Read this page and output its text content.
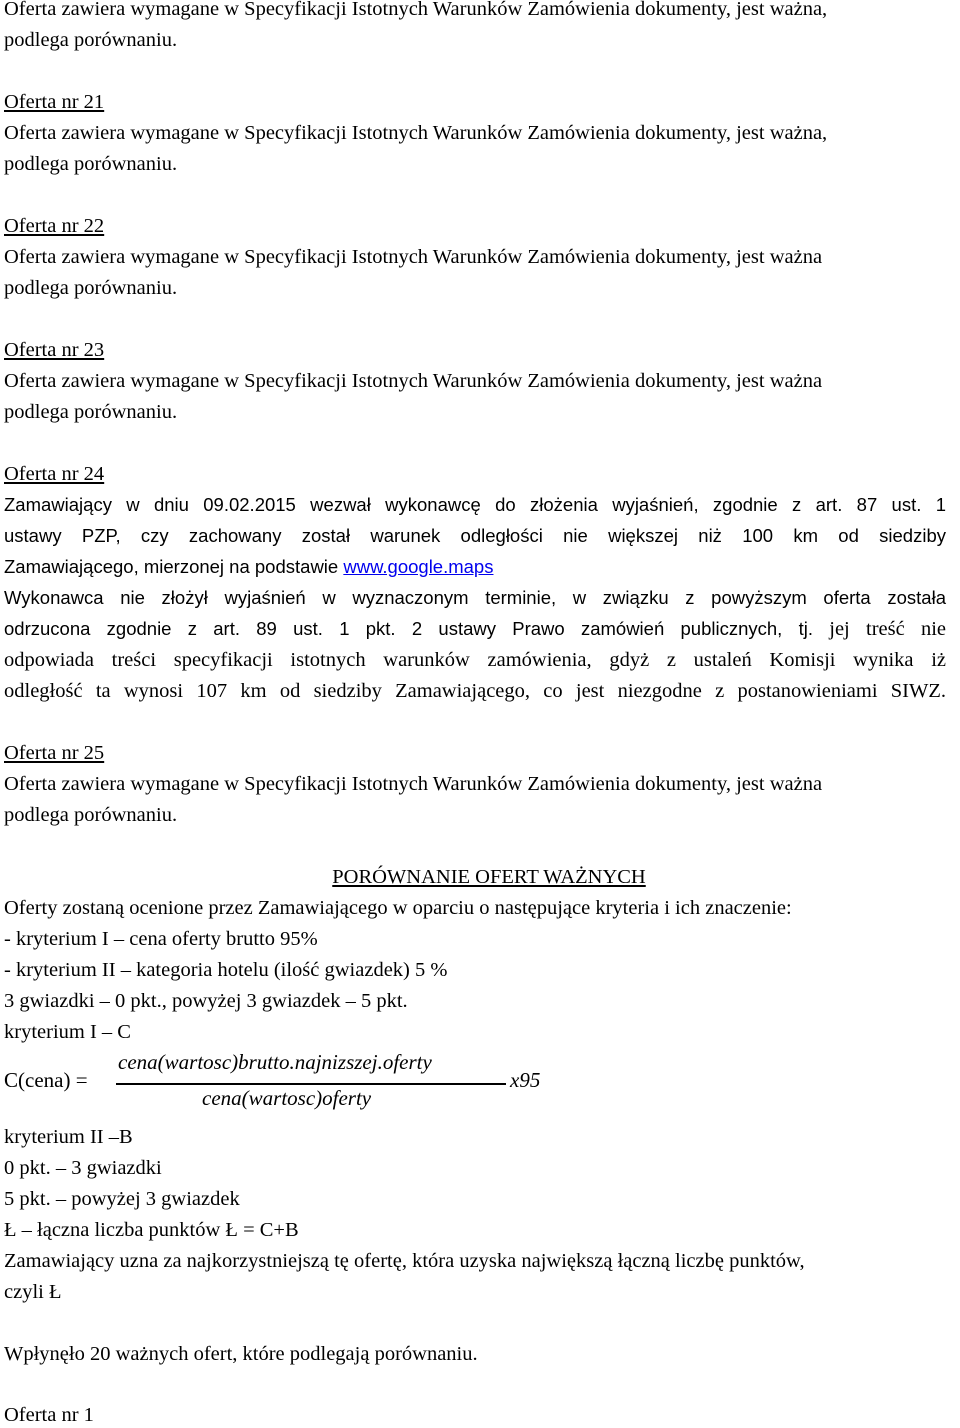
Oferta zawiera wymagane w Specyfikacji Istotnych Warunków Zamówienia dokumenty, jest ważna,
podlega porównaniu.
Oferta nr 21
Oferta zawiera wymagane w Specyfikacji Istotnych Warunków Zamówienia dokumenty, jest ważna,
podlega porównaniu.
Oferta nr 22
Oferta zawiera wymagane w Specyfikacji Istotnych Warunków Zamówienia dokumenty, jest ważna
podlega porównaniu.
Oferta nr 23
Oferta zawiera wymagane w Specyfikacji Istotnych Warunków Zamówienia dokumenty, jest ważna
podlega porównaniu.
Oferta nr 24
Zamawiający w dniu 09.02.2015 wezwał wykonawcę do złożenia wyjaśnień, zgodnie z art. 87 ust. 1
ustawy PZP, czy zachowany został warunek odległości nie większej niż 100 km od siedziby
Zamawiającego, mierzonej na podstawie www.google.maps
Wykonawca nie złożył wyjaśnień w wyznaczonym terminie, w związku z powyższym oferta została
odrzucona zgodnie z art. 89 ust. 1 pkt. 2 ustawy Prawo zamówień publicznych, tj. jej treść nie
odpowiada treści specyfikacji istotnych warunków zamówienia, gdyż z ustaleń Komisji wynika iż
odległość ta wynosi 107 km od siedziby Zamawiającego, co jest niezgodne z postanowieniami SIWZ.
Oferta nr 25
Oferta zawiera wymagane w Specyfikacji Istotnych Warunków Zamówienia dokumenty, jest ważna
podlega porównaniu.
PORÓWNANIE OFERT WAŻNYCH
Oferty zostaną ocenione przez Zamawiającego w oparciu o następujące kryteria i ich znaczenie:
- kryterium I – cena oferty brutto 95%
- kryterium II – kategoria hotelu (ilość gwiazdek) 5 %
3 gwiazdki – 0 pkt., powyżej 3 gwiazdek – 5 pkt.
kryterium I – C
C(cena) =
cena(wartosc)brutto.najnizszej.oferty
cena(wartosc)oferty
x95
kryterium II –B
0 pkt. – 3 gwiazdki
5 pkt. – powyżej 3 gwiazdek
Ł – łączna liczba punktów Ł = C+B
Zamawiający uzna za najkorzystniejszą tę ofertę, która uzyska największą łączną liczbę punktów,
czyli Ł
Wpłynęło 20 ważnych ofert, które podlegają porównaniu.
Oferta nr 1
